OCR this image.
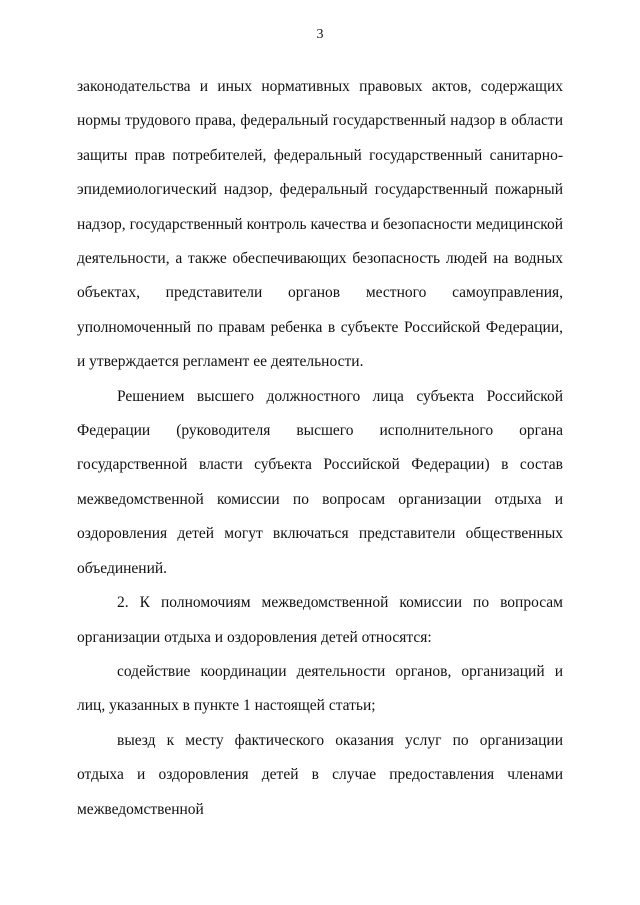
3

законодательства и иных нормативных правовых актов, содержащих нормы трудового права, федеральный государственный надзор в области защиты прав потребителей, федеральный государственный санитарно-эпидемиологический надзор, федеральный государственный пожарный надзор, государственный контроль качества и безопасности медицинской деятельности, а также обеспечивающих безопасность людей на водных объектах, представители органов местного самоуправления, уполномоченный по правам ребенка в субъекте Российской Федерации, и утверждается регламент ее деятельности.

Решением высшего должностного лица субъекта Российской Федерации (руководителя высшего исполнительного органа государственной власти субъекта Российской Федерации) в состав межведомственной комиссии по вопросам организации отдыха и оздоровления детей могут включаться представители общественных объединений.

2. К полномочиям межведомственной комиссии по вопросам организации отдыха и оздоровления детей относятся:

содействие координации деятельности органов, организаций и лиц, указанных в пункте 1 настоящей статьи;

выезд к месту фактического оказания услуг по организации отдыха и оздоровления детей в случае предоставления членами межведомственной
